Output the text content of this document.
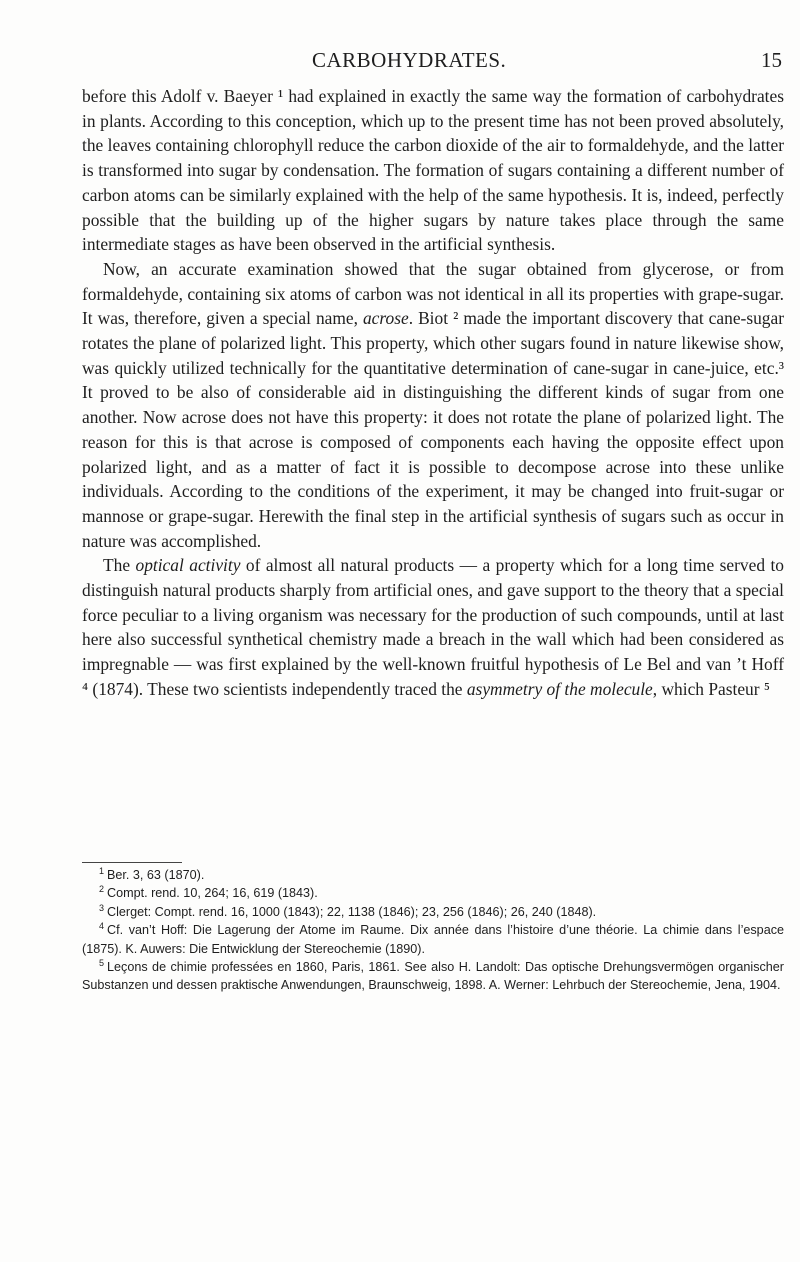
CARBOHYDRATES.	15

before this Adolf v. Baeyer ¹ had explained in exactly the same way the formation of carbohydrates in plants. According to this conception, which up to the present time has not been proved absolutely, the leaves containing chlorophyll reduce the carbon dioxide of the air to formaldehyde, and the latter is transformed into sugar by condensation. The formation of sugars containing a different number of carbon atoms can be similarly explained with the help of the same hypothesis. It is, indeed, perfectly possible that the building up of the higher sugars by nature takes place through the same intermediate stages as have been observed in the artificial synthesis.

Now, an accurate examination showed that the sugar obtained from glycerose, or from formaldehyde, containing six atoms of carbon was not identical in all its properties with grape-sugar. It was, therefore, given a special name, acrose. Biot ² made the important discovery that cane-sugar rotates the plane of polarized light. This property, which other sugars found in nature likewise show, was quickly utilized technically for the quantitative determination of cane-sugar in cane-juice, etc.³ It proved to be also of considerable aid in distinguishing the different kinds of sugar from one another. Now acrose does not have this property: it does not rotate the plane of polarized light. The reason for this is that acrose is composed of components each having the opposite effect upon polarized light, and as a matter of fact it is possible to decompose acrose into these unlike individuals. According to the conditions of the experiment, it may be changed into fruit-sugar or mannose or grape-sugar. Herewith the final step in the artificial synthesis of sugars such as occur in nature was accomplished.

The optical activity of almost all natural products — a property which for a long time served to distinguish natural products sharply from artificial ones, and gave support to the theory that a special force peculiar to a living organism was necessary for the production of such compounds, until at last here also successful synthetical chemistry made a breach in the wall which had been considered as impregnable — was first explained by the well-known fruitful hypothesis of Le Bel and van ’t Hoff ⁴ (1874). These two scientists independently traced the asymmetry of the molecule, which Pasteur ⁵

$^1$ Ber. 3, 63 (1870).

$^2$ Compt. rend. 10, 264; 16, 619 (1843).

$^3$ Clerget: Compt. rend. 16, 1000 (1843); 22, 1138 (1846); 23, 256 (1846); 26, 240 (1848).

$^4$ Cf. van’t Hoff: Die Lagerung der Atome im Raume. Dix année dans l’histoire d’une théorie. La chimie dans l’espace (1875). K. Auwers: Die Entwicklung der Stereochemie (1890).

$^5$ Leçons de chimie professées en 1860, Paris, 1861. See also H. Landolt: Das optische Drehungsvermögen organischer Substanzen und dessen praktische Anwendungen, Braunschweig, 1898. A. Werner: Lehrbuch der Stereochemie, Jena, 1904.
